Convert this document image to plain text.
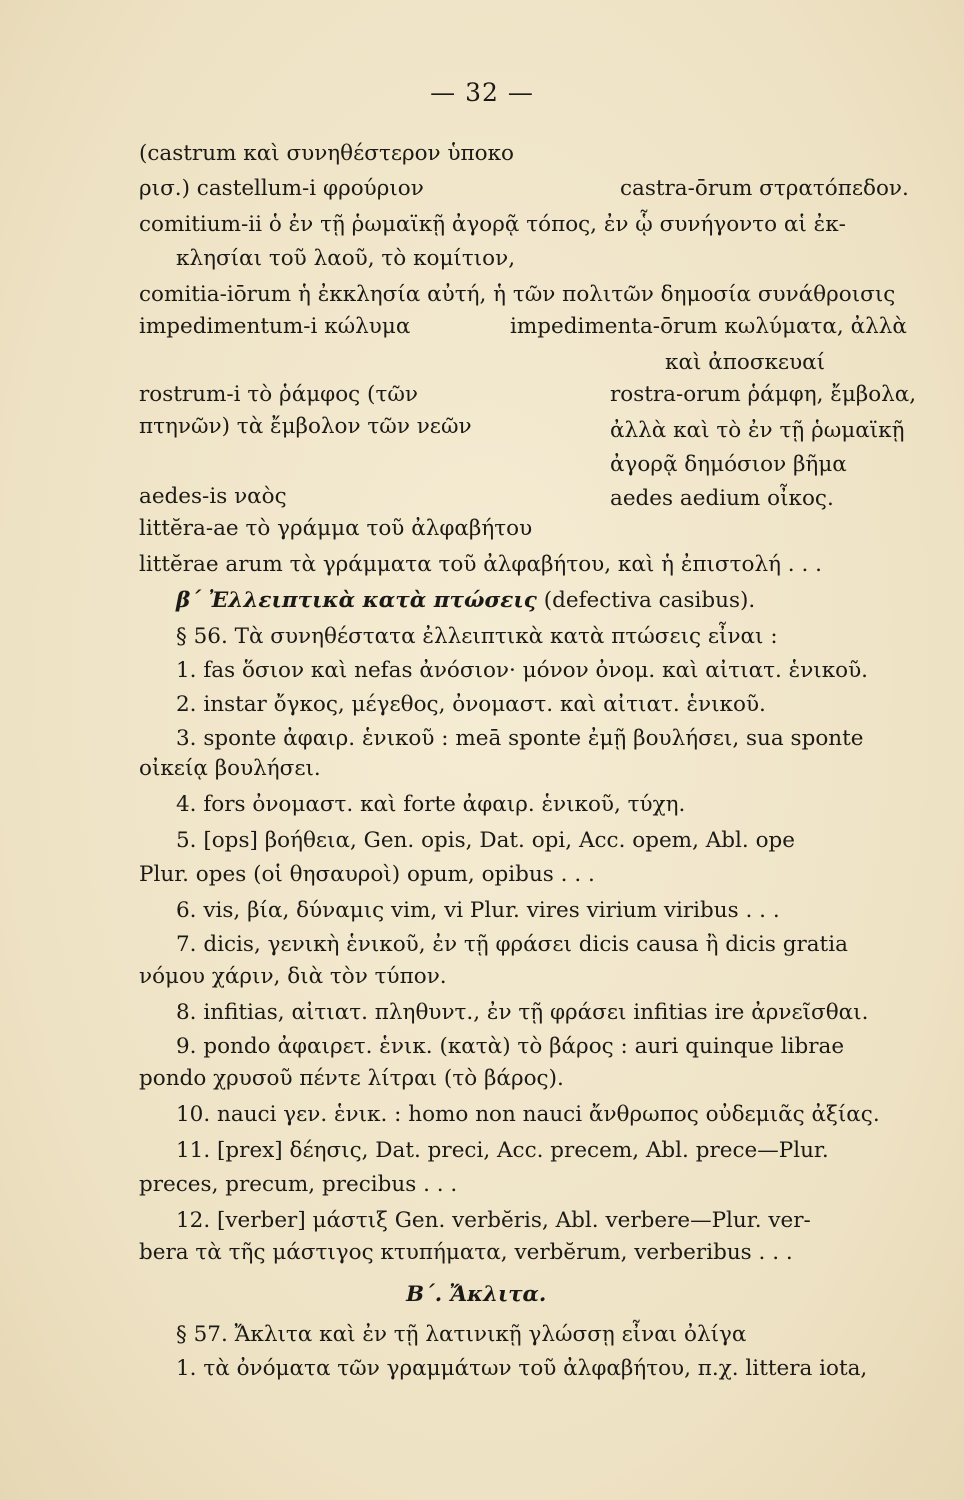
— 32 —
(castrum καὶ συνηθέστερον ὑποκο
ρισ.) castellum-i φρούριον	castra-ōrum στρατόπεδον.
comitium-ii ὁ ἐν τῇ ῥωμαϊκῇ ἀγορᾷ τόπος, ἐν ᾧ συνήγοντο αἱ ἐκ-
κλησίαι τοῦ λαοῦ, τὸ κομίτιον,
comitia-iōrum ἡ ἐκκλησία αὐτή, ἡ τῶν πολιτῶν δημοσία συνάθροισις
impedimentum-i κώλυμα	impedimenta-ōrum κωλύματα, ἀλλὰ
καὶ ἀποσκευαί
rostrum-i τὸ ῥάμφος (τῶν	rostra-orum ῥάμφη, ἔμβολα,
πτηνῶν) τὰ ἔμβολον τῶν νεῶν	ἀλλὰ καὶ τὸ ἐν τῇ ῥωμαϊκῇ
ἀγορᾷ δημόσιον βῆμα
aedes-is ναὸς	aedes aedium οἶκος.
littĕra-ae τὸ γράμμα τοῦ ἀλφαβήτου
littĕrae arum τὰ γράμματα τοῦ ἀλφαβήτου, καὶ ἡ ἐπιστολή . . .
β΄ Ἐλλειπτικὰ κατὰ πτώσεις (defectiva casibus).
§ 56. Τὰ συνηθέστατα ἐλλειπτικὰ κατὰ πτώσεις εἶναι :
1. fas ὅσιον καὶ nefas ἀνόσιον· μόνον ὀνομ. καὶ αἰτιατ. ἑνικοῦ.
2. instar ὄγκος, μέγεθος, ὀνομαστ. καὶ αἰτιατ. ἑνικοῦ.
3. sponte ἀφαιρ. ἑνικοῦ : meā sponte ἐμῇ βουλήσει, sua sponte
οἰκείᾳ βουλήσει.
4. fors ὀνομαστ. καὶ forte ἀφαιρ. ἑνικοῦ, τύχη.
5. [ops] βοήθεια, Gen. opis, Dat. opi, Acc. opem, Abl. ope
Plur. opes (οἱ θησαυροὶ) opum, opibus . . .
6. vis, βία, δύναμις vim, vi Plur. vires virium viribus . . .
7. dicis, γενικὴ ἑνικοῦ, ἐν τῇ φράσει dicis causa ἢ dicis gratia
νόμου χάριν, διὰ τὸν τύπον.
8. infitias, αἰτιατ. πληθυντ., ἐν τῇ φράσει infitias ire ἀρνεῖσθαι.
9. pondo ἀφαιρετ. ἑνικ. (κατὰ) τὸ βάρος : auri quinque librae
pondo χρυσοῦ πέντε λίτραι (τὸ βάρος).
10. nauci γεν. ἑνικ. : homo non nauci ἄνθρωπος οὐδεμιᾶς ἀξίας.
11. [prex] δέησις, Dat. preci, Acc. precem, Abl. prece—Plur.
preces, precum, precibus . . .
12. [verber] μάστιξ Gen. verbĕris, Abl. verbere—Plur. ver-
bera τὰ τῆς μάστιγος κτυπήματα, verbĕrum, verberibus . . .
Β΄. Ἄκλιτα.
§ 57. Ἄκλιτα καὶ ἐν τῇ λατινικῇ γλώσσῃ εἶναι ὀλίγα
1. τὰ ὀνόματα τῶν γραμμάτων τοῦ ἀλφαβήτου, π.χ. littera iota,
